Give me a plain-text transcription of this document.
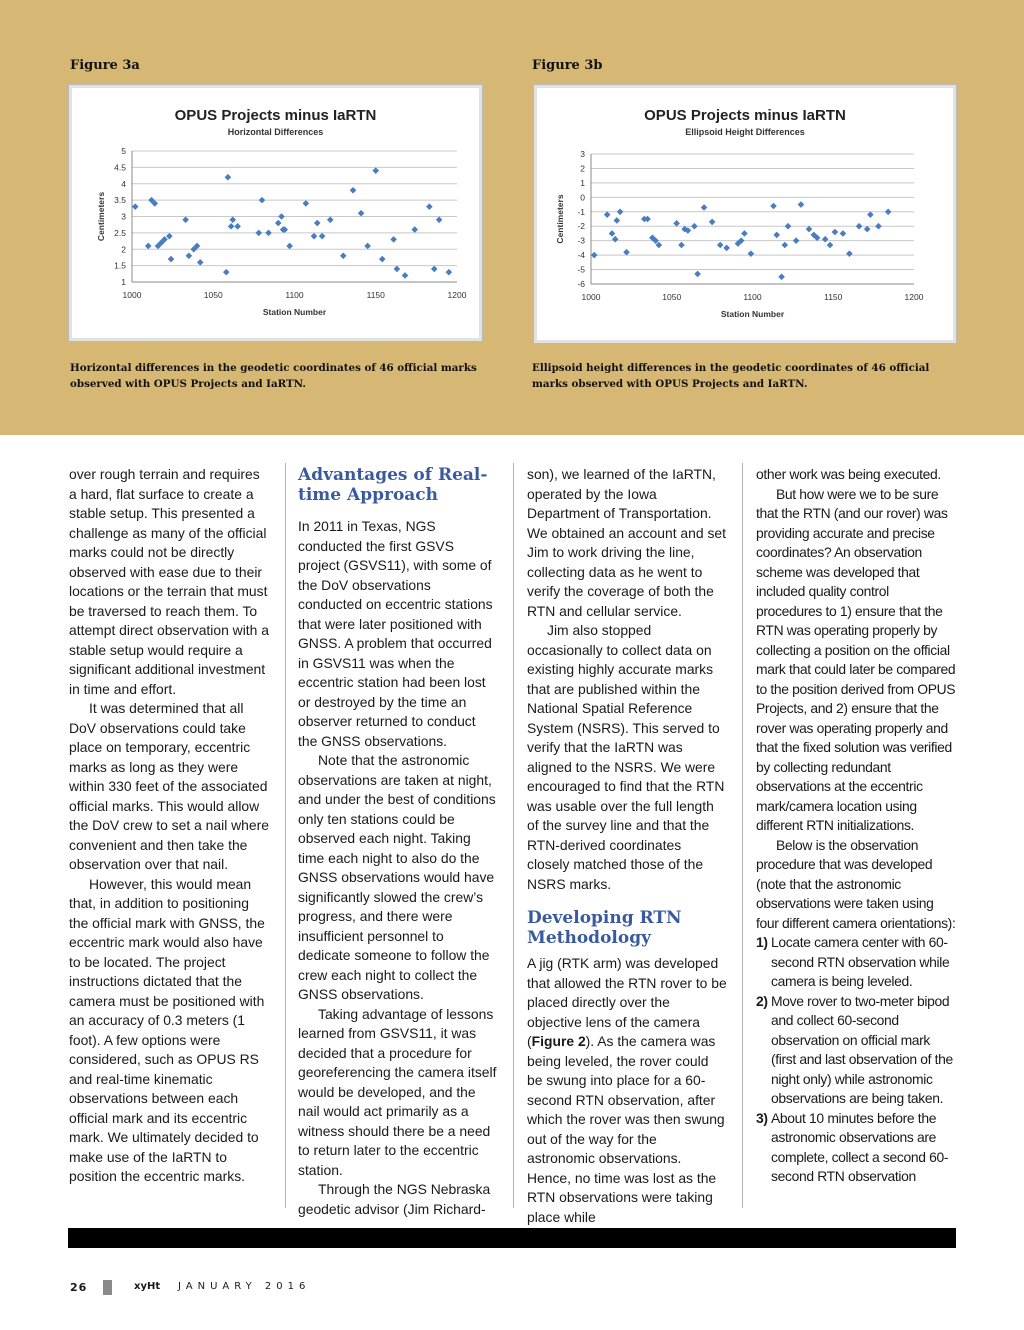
Figure 3a	Figure 3b
OPUS Projects minus IaRTN
Horizontal Differences
1
1.5
2
2.5
3
3.5
4
4.5
5
1000	1050	1100	1150	1200
Station Number
Centimeters
OPUS Projects minus IaRTN
Ellipsoid Height Differences
-6
-5
-4
-3
-2
-1
0
1
2
3
1000	1050	1100	1150	1200
Station Number
Centimeters
Horizontal differences in the geodetic coordinates of 46 official marks observed with OPUS Projects and IaRTN.
Ellipsoid height differences in the geodetic coordinates of 46 official marks observed with OPUS Projects and IaRTN.

over rough terrain and requires a hard, flat surface to create a stable setup. This presented a challenge as many of the official marks could not be directly observed with ease due to their locations or the terrain that must be traversed to reach them. To attempt direct observation with a stable setup would require a significant additional investment in time and effort.

It was determined that all DoV observations could take place on temporary, eccentric marks as long as they were within 330 feet of the associated official marks. This would allow the DoV crew to set a nail where convenient and then take the observation over that nail.

However, this would mean that, in addition to positioning the official mark with GNSS, the eccentric mark would also have to be located. The project instructions dictated that the camera must be positioned with an accuracy of 0.3 meters (1 foot). A few options were considered, such as OPUS RS and real-time kinematic observations between each official mark and its eccentric mark. We ultimately decided to make use of the IaRTN to position the eccentric marks.

Advantages of Real-time Approach

In 2011 in Texas, NGS conducted the first GSVS project (GSVS11), with some of the DoV observations conducted on eccentric stations that were later positioned with GNSS. A problem that occurred in GSVS11 was when the eccentric station had been lost or destroyed by the time an observer returned to conduct the GNSS observations.

Note that the astronomic observations are taken at night, and under the best of conditions only ten stations could be observed each night. Taking time each night to also do the GNSS observations would have significantly slowed the crew’s progress, and there were insufficient personnel to dedicate someone to follow the crew each night to collect the GNSS observations.

Taking advantage of lessons learned from GSVS11, it was decided that a procedure for georeferencing the camera itself would be developed, and the nail would act primarily as a witness should there be a need to return later to the eccentric station.

Through the NGS Nebraska geodetic advisor (Jim Richard-

son), we learned of the IaRTN, operated by the Iowa Department of Transportation. We obtained an account and set Jim to work driving the line, collecting data as he went to verify the coverage of both the RTN and cellular service.

Jim also stopped occasionally to collect data on existing highly accurate marks that are published within the National Spatial Reference System (NSRS). This served to verify that the IaRTN was aligned to the NSRS. We were encouraged to find that the RTN was usable over the full length of the survey line and that the RTN-derived coordinates closely matched those of the NSRS marks.

Developing RTN Methodology

A jig (RTK arm) was developed that allowed the RTN rover to be placed directly over the objective lens of the camera (Figure 2). As the camera was being leveled, the rover could be swung into place for a 60-second RTN observation, after which the rover was then swung out of the way for the astronomic observations. Hence, no time was lost as the RTN observations were taking place while

other work was being executed.

But how were we to be sure that the RTN (and our rover) was providing accurate and precise coordinates? An observation scheme was developed that included quality control procedures to 1) ensure that the RTN was operating properly by collecting a position on the official mark that could later be compared to the position derived from OPUS Projects, and 2) ensure that the rover was operating properly and that the fixed solution was verified by collecting redundant observations at the eccentric mark/camera location using different RTN initializations.

Below is the observation procedure that was developed (note that the astronomic observations were taken using four different camera orientations):

1) Locate camera center with 60-second RTN observation while camera is being leveled.
2) Move rover to two-meter bipod and collect 60-second observation on official mark (first and last observation of the night only) while astronomic observations are being taken.
3) About 10 minutes before the astronomic observations are complete, collect a second 60-second RTN observation
26	xyHt JANUARY 2016
